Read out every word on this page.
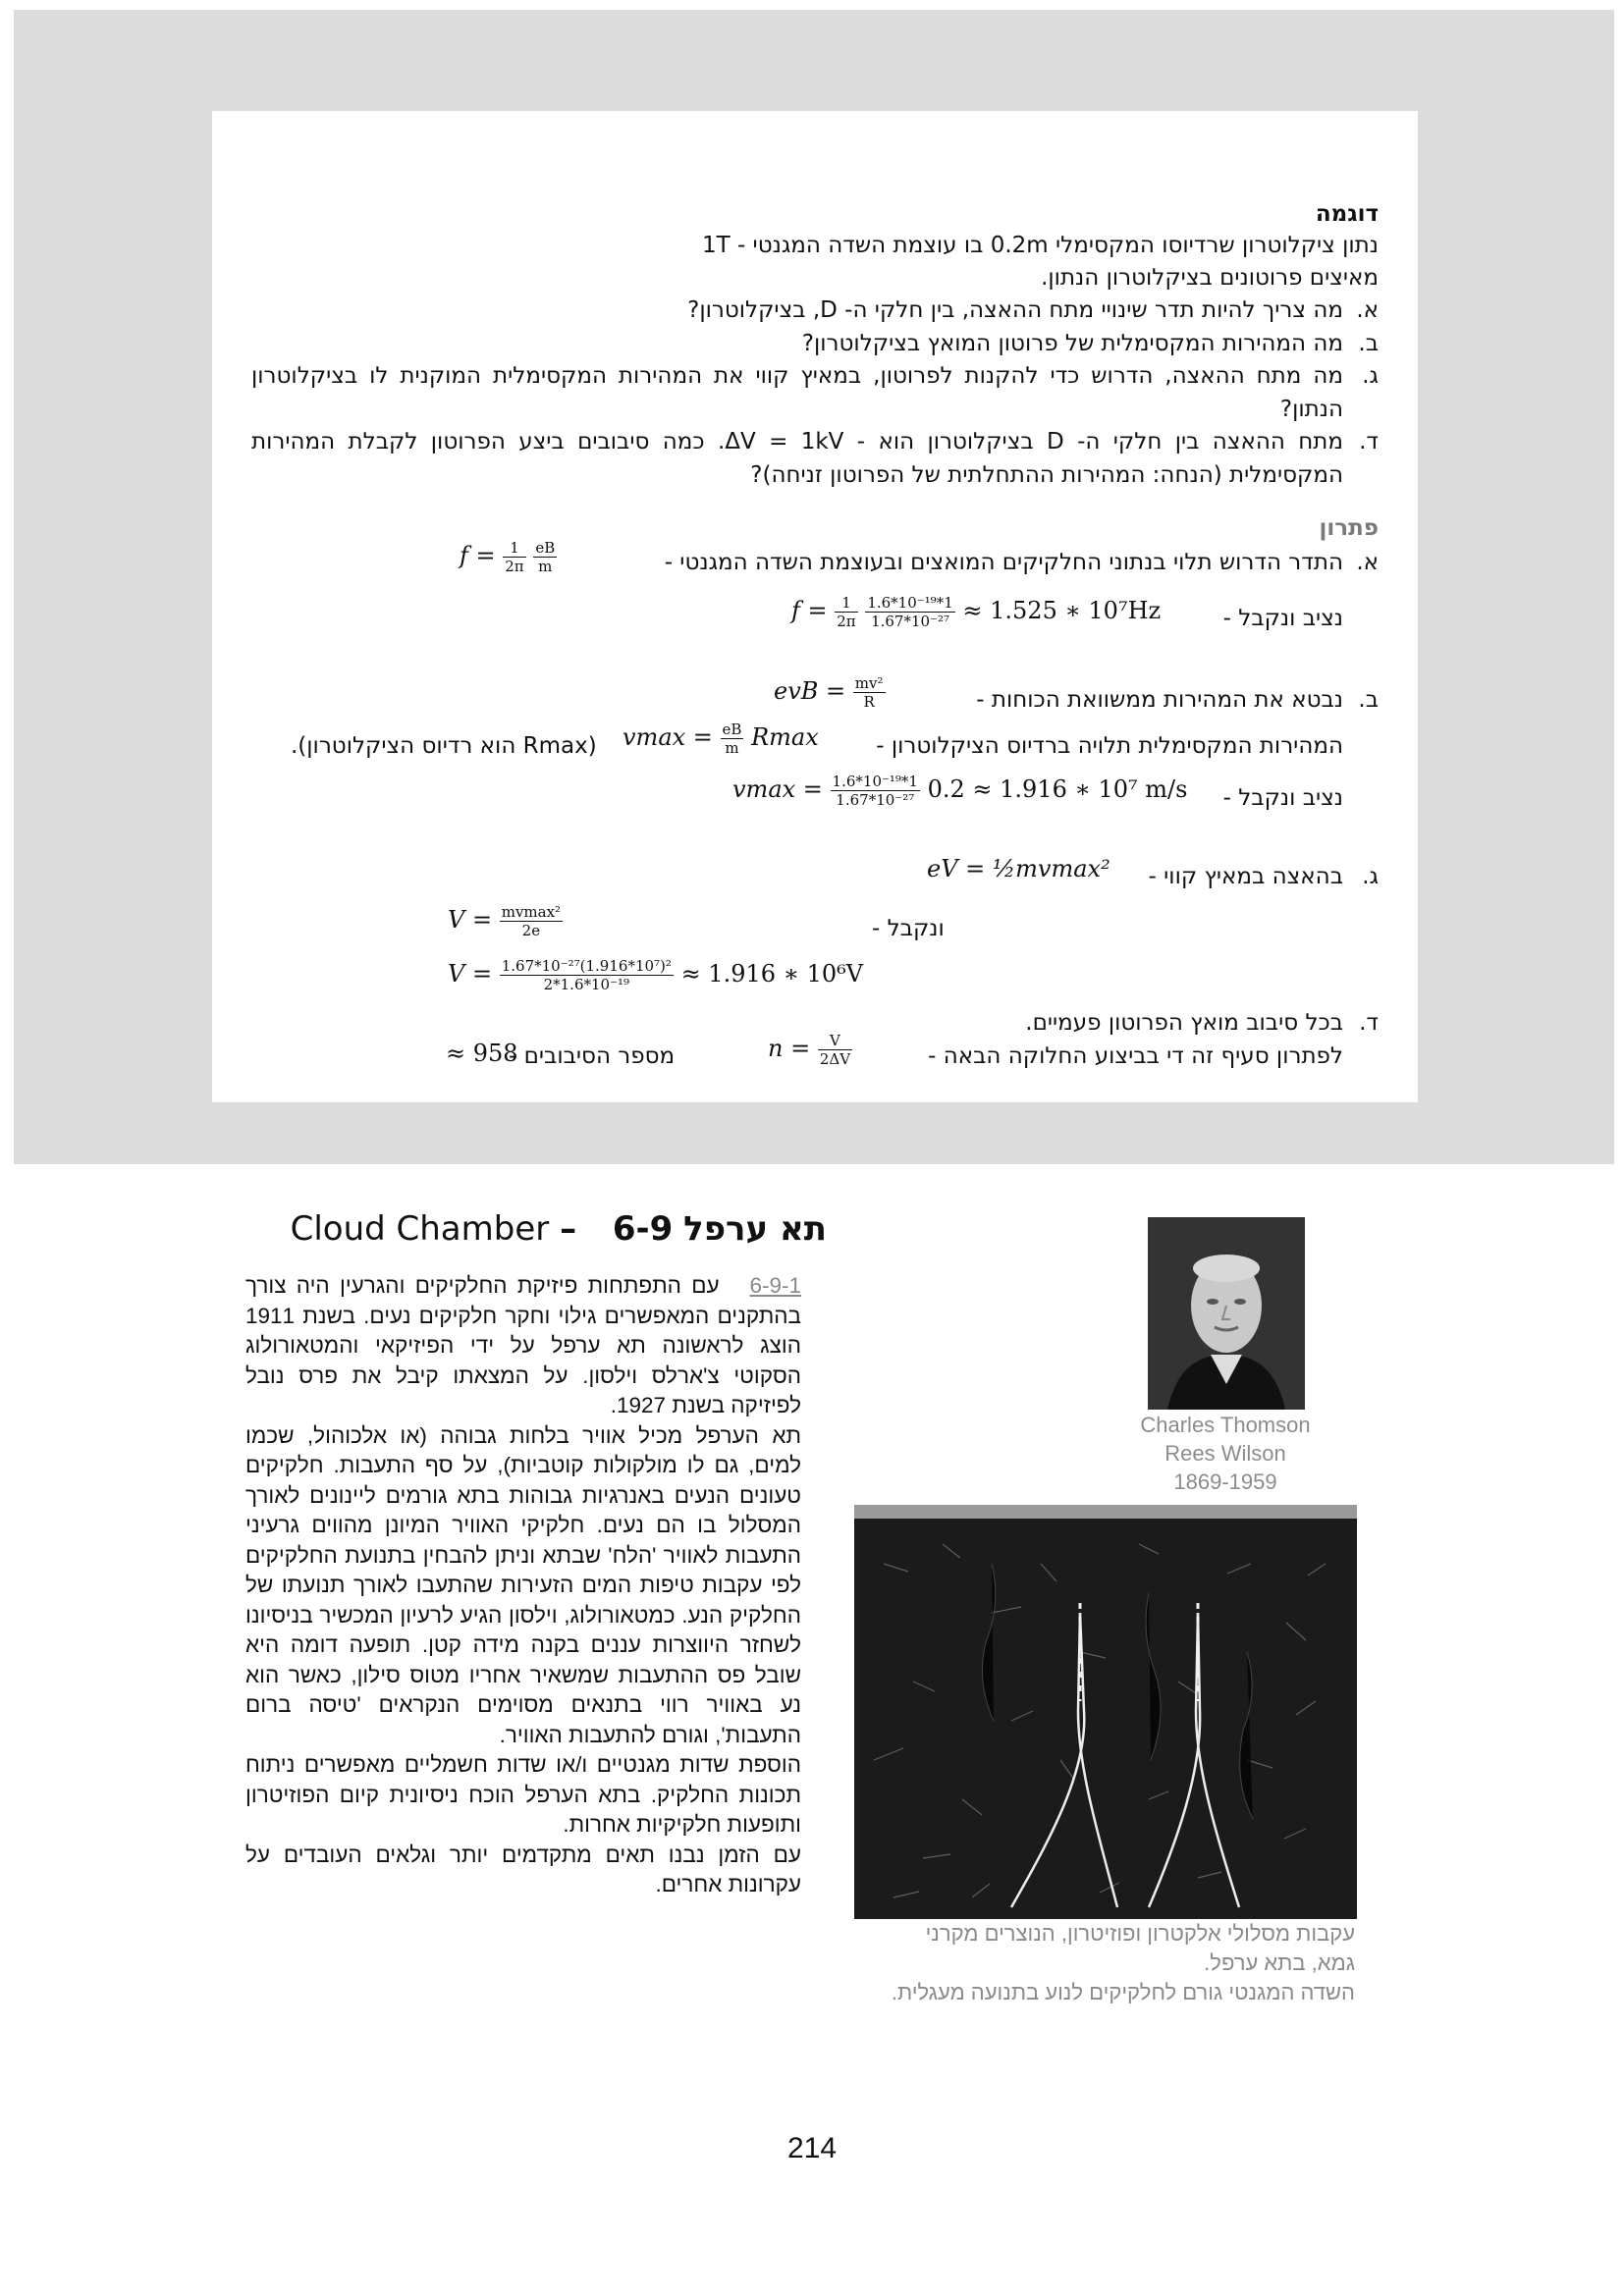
דוגמה
נתון ציקלוטרון שרדיוסו המקסימלי 0.2m בו עוצמת השדה המגנטי - 1T
מאיצים פרוטונים בציקלוטרון הנתון.
א.
מה צריך להיות תדר שינויי מתח ההאצה, בין חלקי ה- D, בציקלוטרון?
ב.
מה המהירות המקסימלית של פרוטון המואץ בציקלוטרון?
ג.
מה מתח ההאצה, הדרוש כדי להקנות לפרוטון, במאיץ קווי את המהירות המקסימלית המוקנית לו בציקלוטרון הנתון?
ד.
מתח ההאצה בין חלקי ה- D בציקלוטרון הוא - ΔV = 1kV. כמה סיבובים ביצע הפרוטון לקבלת המהירות המקסימלית (הנחה: המהירות ההתחלתית של הפרוטון זניחה)?
פתרון
א.
התדר הדרוש תלוי בנתוני החלקיקים המואצים ובעוצמת השדה המגנטי -
$f = \frac{1}{2\pi}$
$\frac{eB}{m}$
נציב ונקבל -
$f = \frac{1}{2\pi}$
$\frac{\text{1.6*10⁻¹⁹*1}}{\text{1.67*10⁻²⁷}} \approx 1.525$ ∗ 10⁷Hz
ב.
נבטא את המהירות ממשוואת הכוחות -
evB = $\frac{\text{mv²}}{R}$
המהירות המקסימלית תלויה ברדיוס הציקלוטרון -
$vmax = \frac{eB}{m}$ Rmax
(Rmax הוא רדיוס הציקלוטרון).
נציב ונקבל -
$vmax = \frac{\text{1.6*10⁻¹⁹*1}}{\text{1.67*10⁻²⁷}} 0.2 \approx 1.916$ ∗ 10⁷ m/s
ג.
בהאצה במאיץ קווי -
eV = ½mvmax²
ונקבל -
$V = \frac{\text{mvmax²}}{2e}$
$V = \frac{\text{1.67*10⁻²⁷(1.916*10⁷)²}}{\text{2*1.6*10⁻¹⁹}} \approx 1.916$ ∗ 10⁶V
ד.
בכל סיבוב מואץ הפרוטון פעמיים.
לפתרון סעיף זה די בביצוע החלוקה הבאה -
$n = \frac{V}{2\Delta V}$
מספר הסיבובים -
≈ 958
Cloud Chamber –	תא ערפל 6-9

6-9-1   עם התפתחות פיזיקת החלקיקים והגרעין היה צורך בהתקנים המאפשרים גילוי וחקר חלקיקים נעים. בשנת 1911 הוצג לראשונה תא ערפל על ידי הפיזיקאי והמטאורולוג הסקוטי צ'ארלס וילסון. על המצאתו קיבל את פרס נובל לפיזיקה בשנת 1927.

תא הערפל מכיל אוויר בלחות גבוהה (או אלכוהול, שכמו למים, גם לו מולקולות קוטביות), על סף התעבות. חלקיקים טעונים הנעים באנרגיות גבוהות בתא גורמים ליינונים לאורך המסלול בו הם נעים. חלקיקי האוויר המיונן מהווים גרעיני התעבות לאוויר 'הלח' שבתא וניתן להבחין בתנועת החלקיקים לפי עקבות טיפות המים הזעירות שהתעבו לאורך תנועתו של החלקיק הנע. כמטאורולוג, וילסון הגיע לרעיון המכשיר בניסיונו לשחזר היווצרות עננים בקנה מידה קטן. תופעה דומה היא שובל פס ההתעבות שמשאיר אחריו מטוס סילון, כאשר הוא נע באוויר רווי בתנאים מסוימים הנקראים 'טיסה ברום התעבות', וגורם להתעבות האוויר.

הוספת שדות מגנטיים ו/או שדות חשמליים מאפשרים ניתוח תכונות החלקיק. בתא הערפל הוכח ניסיונית קיום הפוזיטרון ותופעות חלקיקיות אחרות.

עם הזמן נבנו תאים מתקדמים יותר וגלאים העובדים על עקרונות אחרים.

Charles Thomson
Rees Wilson
1869-1959
עקבות מסלולי אלקטרון ופוזיטרון, הנוצרים מקרני
גמא, בתא ערפל.
השדה המגנטי גורם לחלקיקים לנוע בתנועה מעגלית.
214
